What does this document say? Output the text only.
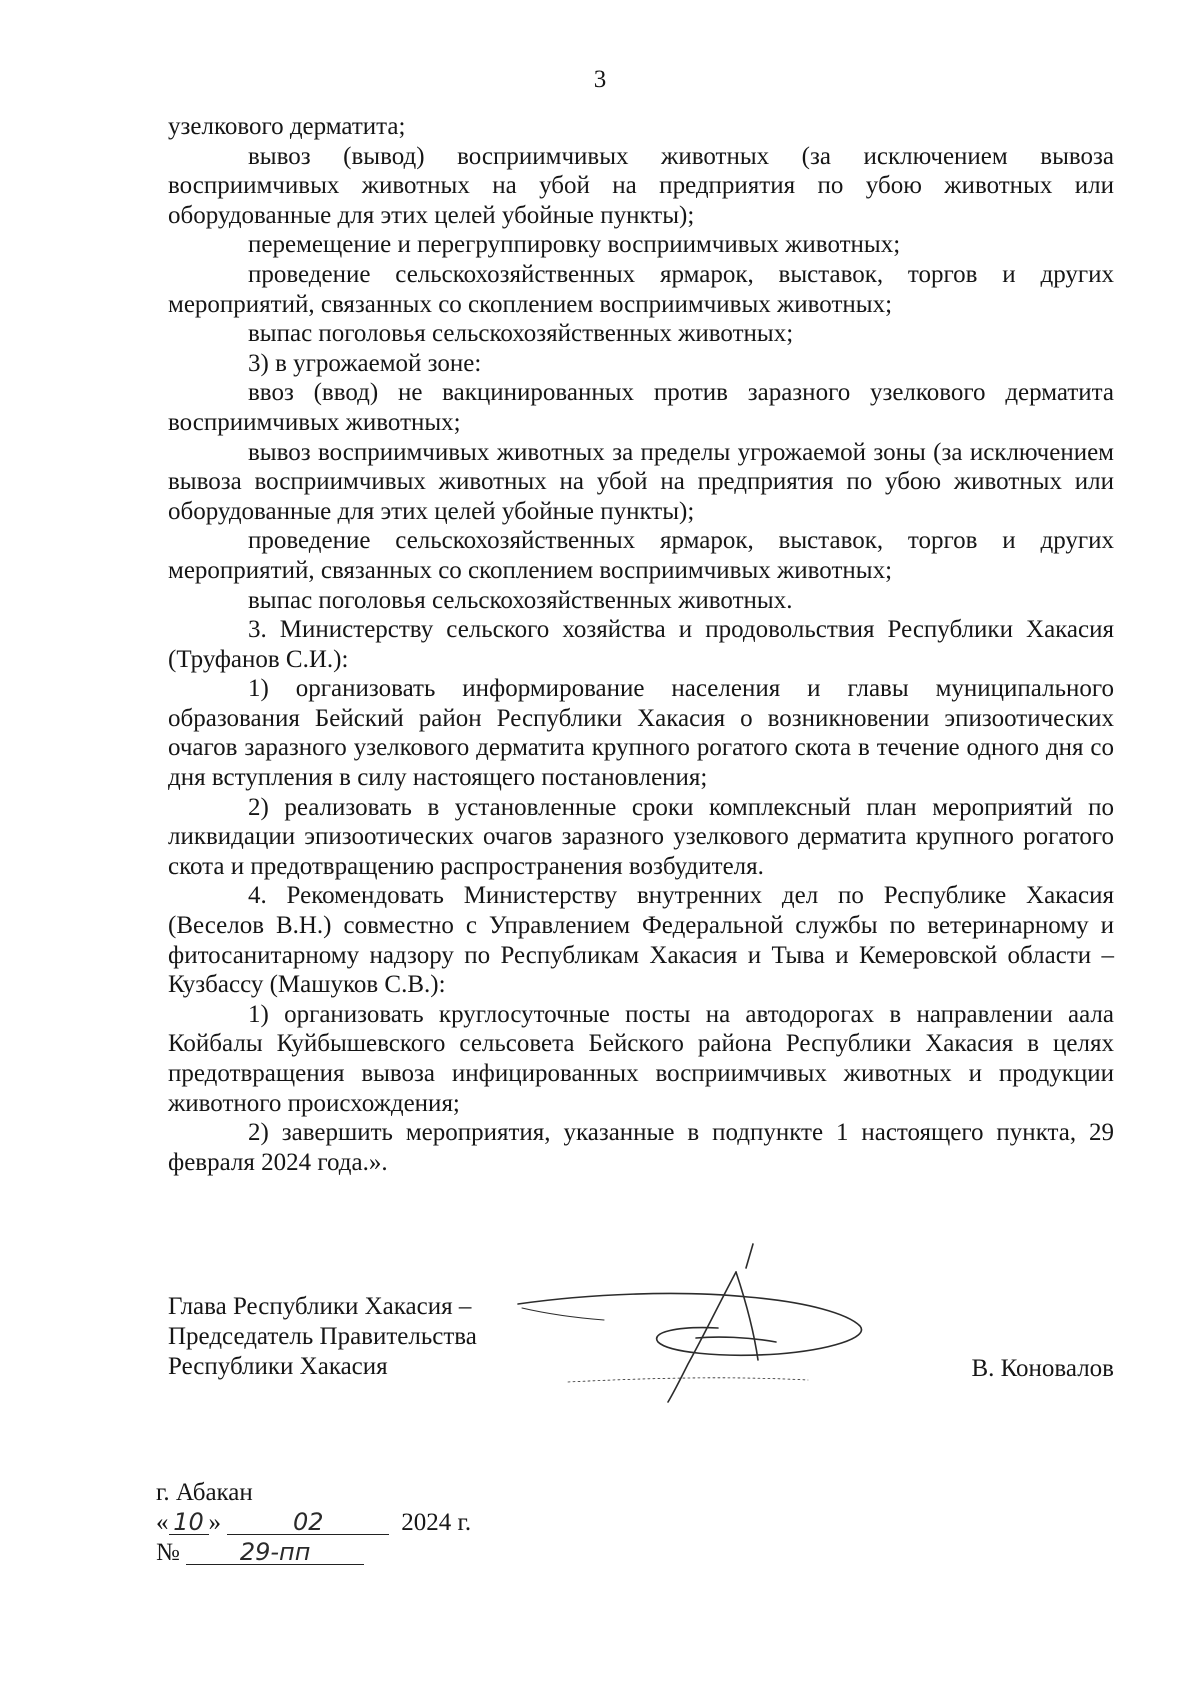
3

узелкового дерматита;

вывоз (вывод) восприимчивых животных (за исключением вывоза восприимчивых животных на убой на предприятия по убою животных или оборудованные для этих целей убойные пункты);

перемещение и перегруппировку восприимчивых животных;

проведение сельскохозяйственных ярмарок, выставок, торгов и других мероприятий, связанных со скоплением восприимчивых животных;

выпас поголовья сельскохозяйственных животных;

3) в угрожаемой зоне:

ввоз (ввод) не вакцинированных против заразного узелкового дерматита восприимчивых животных;

вывоз восприимчивых животных за пределы угрожаемой зоны (за исключением вывоза восприимчивых животных на убой на предприятия по убою животных или оборудованные для этих целей убойные пункты);

проведение сельскохозяйственных ярмарок, выставок, торгов и других мероприятий, связанных со скоплением восприимчивых животных;

выпас поголовья сельскохозяйственных животных.

3. Министерству сельского хозяйства и продовольствия Республики Хакасия (Труфанов С.И.):

1) организовать информирование населения и главы муниципального образования Бейский район Республики Хакасия о возникновении эпизоотических очагов заразного узелкового дерматита крупного рогатого скота в течение одного дня со дня вступления в силу настоящего постановления;

2) реализовать в установленные сроки комплексный план мероприятий по ликвидации эпизоотических очагов заразного узелкового дерматита крупного рогатого скота и предотвращению распространения возбудителя.

4. Рекомендовать Министерству внутренних дел по Республике Хакасия (Веселов В.Н.) совместно с Управлением Федеральной службы по ветеринарному и фитосанитарному надзору по Республикам Хакасия и Тыва и Кемеровской области – Кузбассу (Машуков С.В.):

1) организовать круглосуточные посты на автодорогах в направлении аала Койбалы Куйбышевского сельсовета Бейского района Республики Хакасия в целях предотвращения вывоза инфицированных восприимчивых животных и продукции животного происхождения;

2) завершить мероприятия, указанные в подпункте 1 настоящего пункта, 29 февраля 2024 года.».

Глава Республики Хакасия –
Председатель Правительства
Республики Хакасия	В. Коновалов
г. Абакан
« 10 »	02	2024 г.
№ 29-пп
